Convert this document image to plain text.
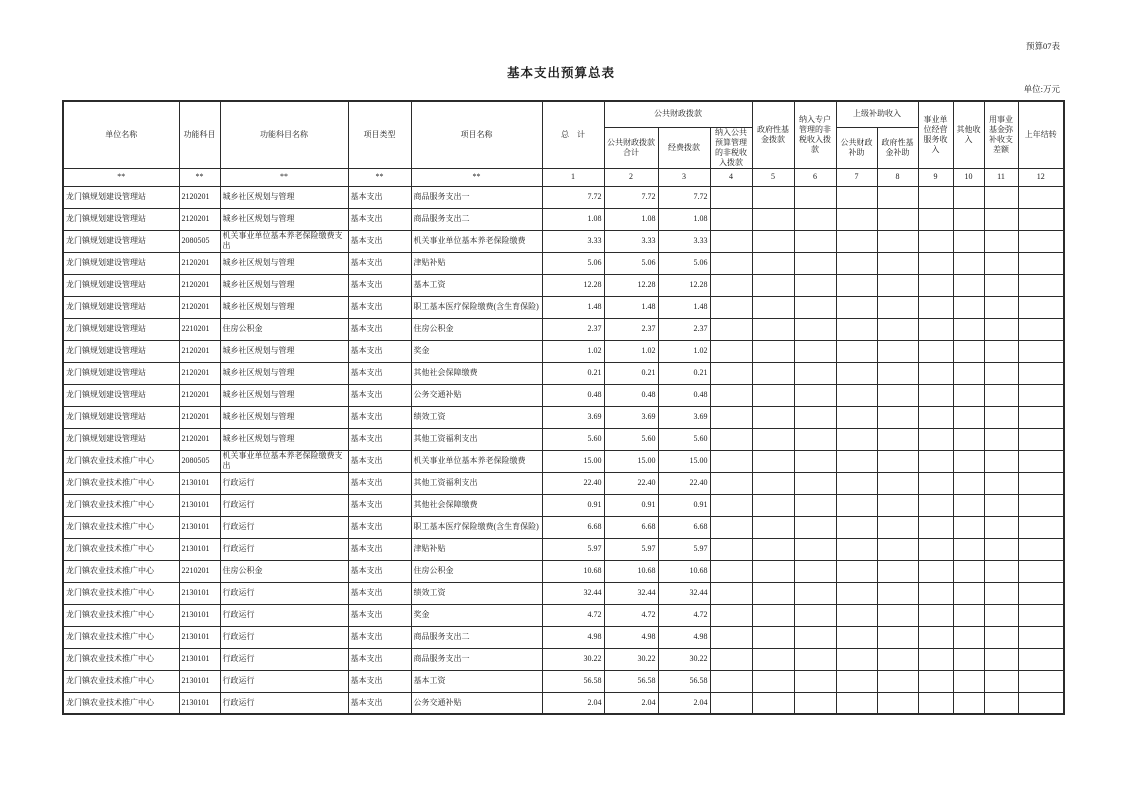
预算07表
基本支出预算总表
单位:万元
单位名称	功能科目	功能科目名称	项目类型	项目名称	总　计	公共财政拨款			政府性基金拨款	纳入专户管理的非税收入拨款	上级补助收入		事业单位经营服务收入	其他收入	用事业基金弥补收支差额	上年结转
						公共财政拨款合计	经费拨款	纳入公共预算管理的非税收入拨款			公共财政补助	政府性基金补助				
**	**	**	**	**	1	2	3	4	5	6	7	8	9	10	11	12
龙门镇规划建设管理站	2120201	城乡社区规划与管理	基本支出	商品服务支出一	7.72	7.72	7.72									
龙门镇规划建设管理站	2120201	城乡社区规划与管理	基本支出	商品服务支出二	1.08	1.08	1.08									
龙门镇规划建设管理站	2080505	机关事业单位基本养老保险缴费支出	基本支出	机关事业单位基本养老保险缴费	3.33	3.33	3.33									
龙门镇规划建设管理站	2120201	城乡社区规划与管理	基本支出	津贴补贴	5.06	5.06	5.06									
龙门镇规划建设管理站	2120201	城乡社区规划与管理	基本支出	基本工资	12.28	12.28	12.28									
龙门镇规划建设管理站	2120201	城乡社区规划与管理	基本支出	职工基本医疗保险缴费(含生育保险)	1.48	1.48	1.48									
龙门镇规划建设管理站	2210201	住房公积金	基本支出	住房公积金	2.37	2.37	2.37									
龙门镇规划建设管理站	2120201	城乡社区规划与管理	基本支出	奖金	1.02	1.02	1.02									
龙门镇规划建设管理站	2120201	城乡社区规划与管理	基本支出	其他社会保障缴费	0.21	0.21	0.21									
龙门镇规划建设管理站	2120201	城乡社区规划与管理	基本支出	公务交通补贴	0.48	0.48	0.48									
龙门镇规划建设管理站	2120201	城乡社区规划与管理	基本支出	绩效工资	3.69	3.69	3.69									
龙门镇规划建设管理站	2120201	城乡社区规划与管理	基本支出	其他工资福利支出	5.60	5.60	5.60									
龙门镇农业技术推广中心	2080505	机关事业单位基本养老保险缴费支出	基本支出	机关事业单位基本养老保险缴费	15.00	15.00	15.00									
龙门镇农业技术推广中心	2130101	行政运行	基本支出	其他工资福利支出	22.40	22.40	22.40									
龙门镇农业技术推广中心	2130101	行政运行	基本支出	其他社会保障缴费	0.91	0.91	0.91									
龙门镇农业技术推广中心	2130101	行政运行	基本支出	职工基本医疗保险缴费(含生育保险)	6.68	6.68	6.68									
龙门镇农业技术推广中心	2130101	行政运行	基本支出	津贴补贴	5.97	5.97	5.97									
龙门镇农业技术推广中心	2210201	住房公积金	基本支出	住房公积金	10.68	10.68	10.68									
龙门镇农业技术推广中心	2130101	行政运行	基本支出	绩效工资	32.44	32.44	32.44									
龙门镇农业技术推广中心	2130101	行政运行	基本支出	奖金	4.72	4.72	4.72									
龙门镇农业技术推广中心	2130101	行政运行	基本支出	商品服务支出二	4.98	4.98	4.98									
龙门镇农业技术推广中心	2130101	行政运行	基本支出	商品服务支出一	30.22	30.22	30.22									
龙门镇农业技术推广中心	2130101	行政运行	基本支出	基本工资	56.58	56.58	56.58									
龙门镇农业技术推广中心	2130101	行政运行	基本支出	公务交通补贴	2.04	2.04	2.04									
